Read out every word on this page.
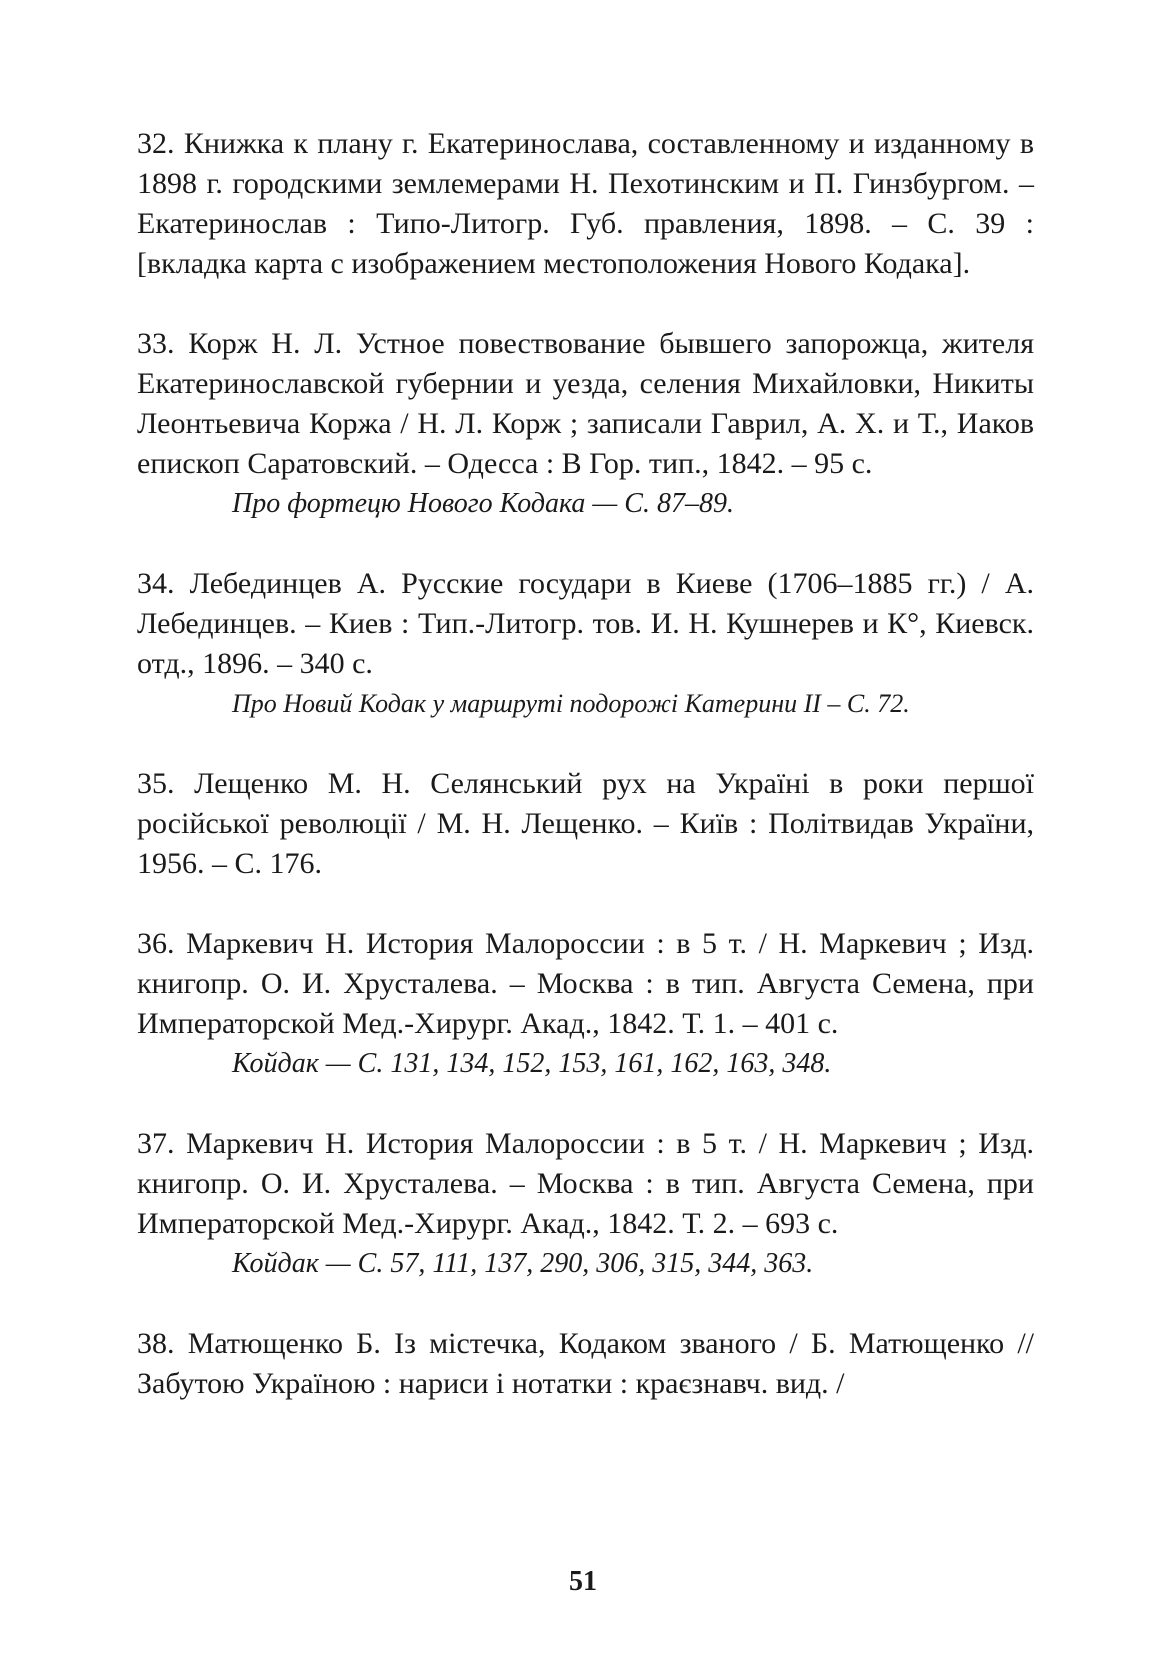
32. Книжка к плану г. Екатеринослава, составленному и изданному в 1898 г. городскими землемерами Н. Пехотинским и П. Гинзбургом. – Екатеринослав : Типо-Литогр. Губ. правления, 1898. – С. 39 : [вкладка карта с изображением местоположения Нового Кодака].

33. Корж Н. Л. Устное повествование бывшего запорожца, жителя Екатеринославской губернии и уезда, селения Михайловки, Никиты Леонтьевича Коржа / Н. Л. Корж ; записали Гаврил, А. Х. и Т., Иаков епископ Саратовский. – Одесса : В Гор. тип., 1842. – 95 с.

Про фортецю Нового Кодака — С. 87–89.

34. Лебединцев А. Русские государи в Киеве (1706–1885 гг.) / А. Лебединцев. – Киев : Тип.-Литогр. тов. И. Н. Кушнерев и К°, Киевск. отд., 1896. – 340 с.

Про Новий Кодак у маршруті подорожі Катерини II – С. 72.

35. Лещенко М. Н. Селянський рух на Україні в роки першої російської революції / М. Н. Лещенко. – Київ : Політвидав України, 1956. – С. 176.

36. Маркевич Н. История Малороссии : в 5 т. / Н. Маркевич ; Изд. книгопр. О. И. Хрусталева. – Москва : в тип. Августа Семена, при Императорской Мед.-Хирург. Акад., 1842. Т. 1. – 401 с.

Койдак — С. 131, 134, 152, 153, 161, 162, 163, 348.

37. Маркевич Н. История Малороссии : в 5 т. / Н. Маркевич ; Изд. книгопр. О. И. Хрусталева. – Москва : в тип. Августа Семена, при Императорской Мед.-Хирург. Акад., 1842. Т. 2. – 693 с.

Койдак — С. 57, 111, 137, 290, 306, 315, 344, 363.

38. Матющенко Б. Із містечка, Кодаком званого / Б. Матющенко // Забутою Україною : нариси і нотатки : краєзнавч. вид. /

51
